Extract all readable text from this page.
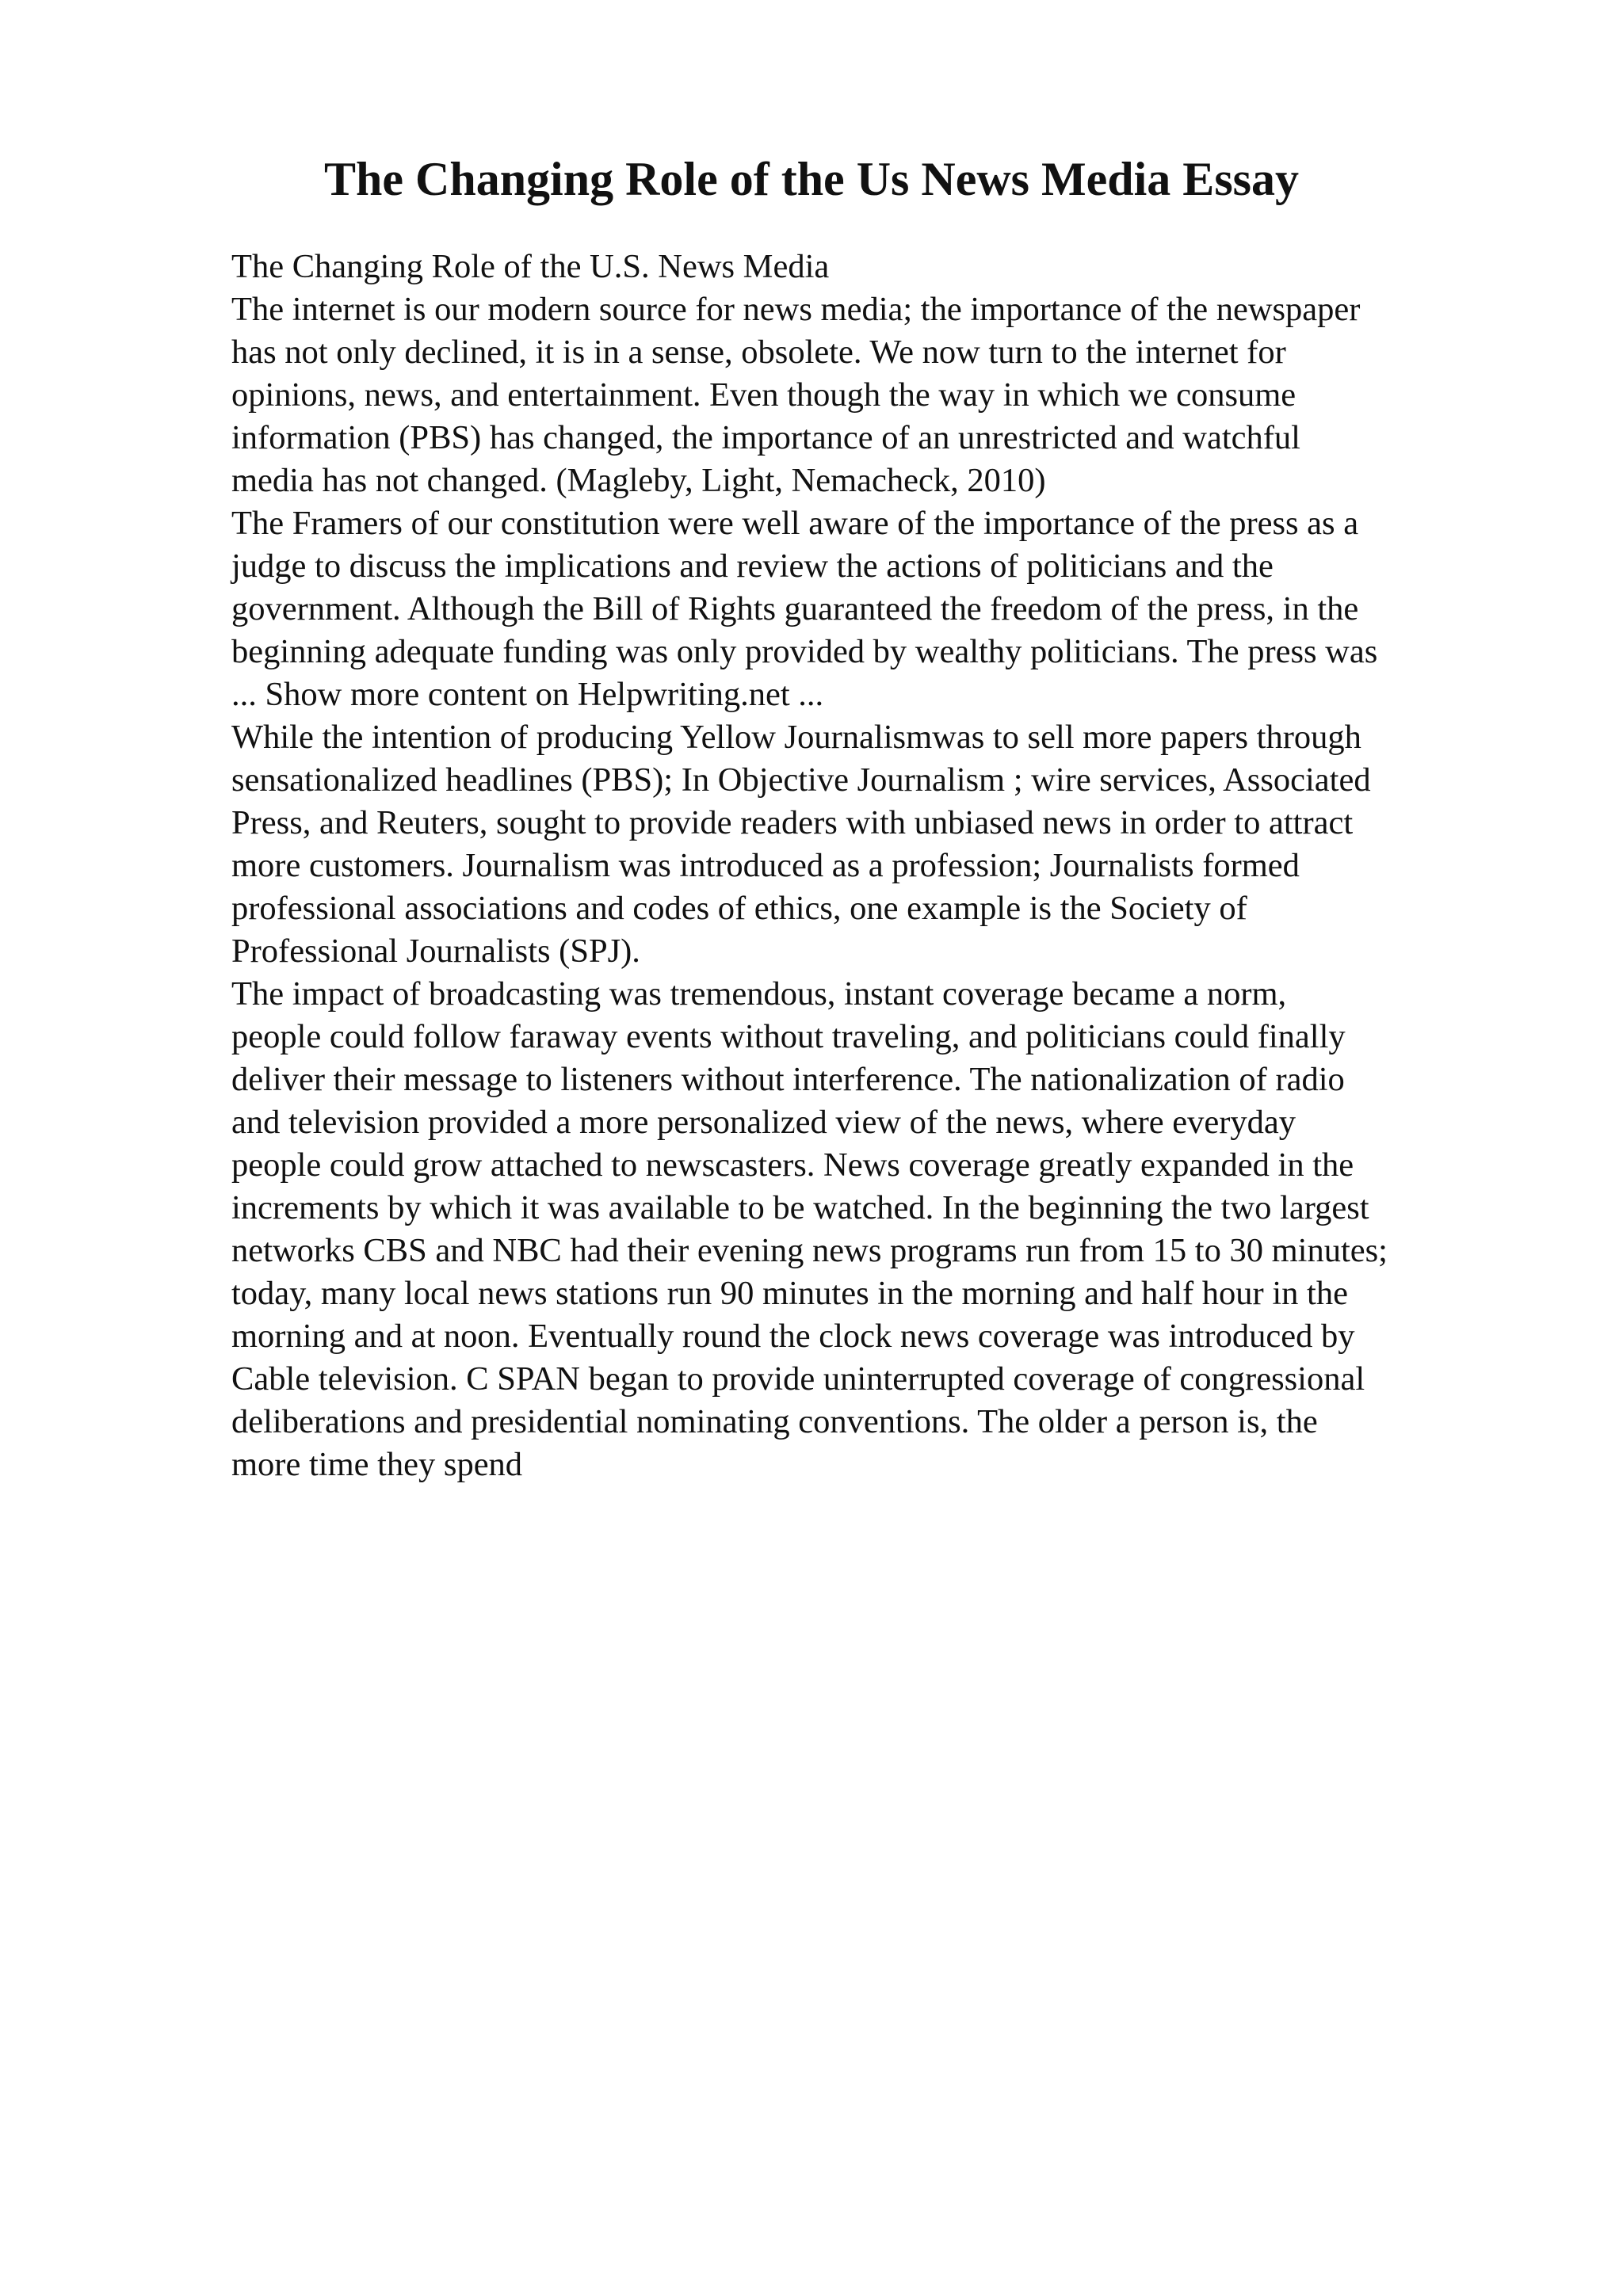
The Changing Role of the Us News Media Essay
The Changing Role of the U.S. News Media
The internet is our modern source for news media; the importance of the newspaper
has not only declined, it is in a sense, obsolete. We now turn to the internet for
opinions, news, and entertainment. Even though the way in which we consume
information (PBS) has changed, the importance of an unrestricted and watchful
media has not changed. (Magleby, Light, Nemacheck, 2010)
The Framers of our constitution were well aware of the importance of the press as a
judge to discuss the implications and review the actions of politicians and the
government. Although the Bill of Rights guaranteed the freedom of the press, in the
beginning adequate funding was only provided by wealthy politicians. The press was
... Show more content on Helpwriting.net ...
While the intention of producing Yellow Journalismwas to sell more papers through
sensationalized headlines (PBS); In Objective Journalism ; wire services, Associated
Press, and Reuters, sought to provide readers with unbiased news in order to attract
more customers. Journalism was introduced as a profession; Journalists formed
professional associations and codes of ethics, one example is the Society of
Professional Journalists (SPJ).
The impact of broadcasting was tremendous, instant coverage became a norm,
people could follow faraway events without traveling, and politicians could finally
deliver their message to listeners without interference. The nationalization of radio
and television provided a more personalized view of the news, where everyday
people could grow attached to newscasters. News coverage greatly expanded in the
increments by which it was available to be watched. In the beginning the two largest
networks CBS and NBC had their evening news programs run from 15 to 30 minutes;
today, many local news stations run 90 minutes in the morning and half hour in the
morning and at noon. Eventually round the clock news coverage was introduced by
Cable television. C SPAN began to provide uninterrupted coverage of congressional
deliberations and presidential nominating conventions. The older a person is, the
more time they spend
